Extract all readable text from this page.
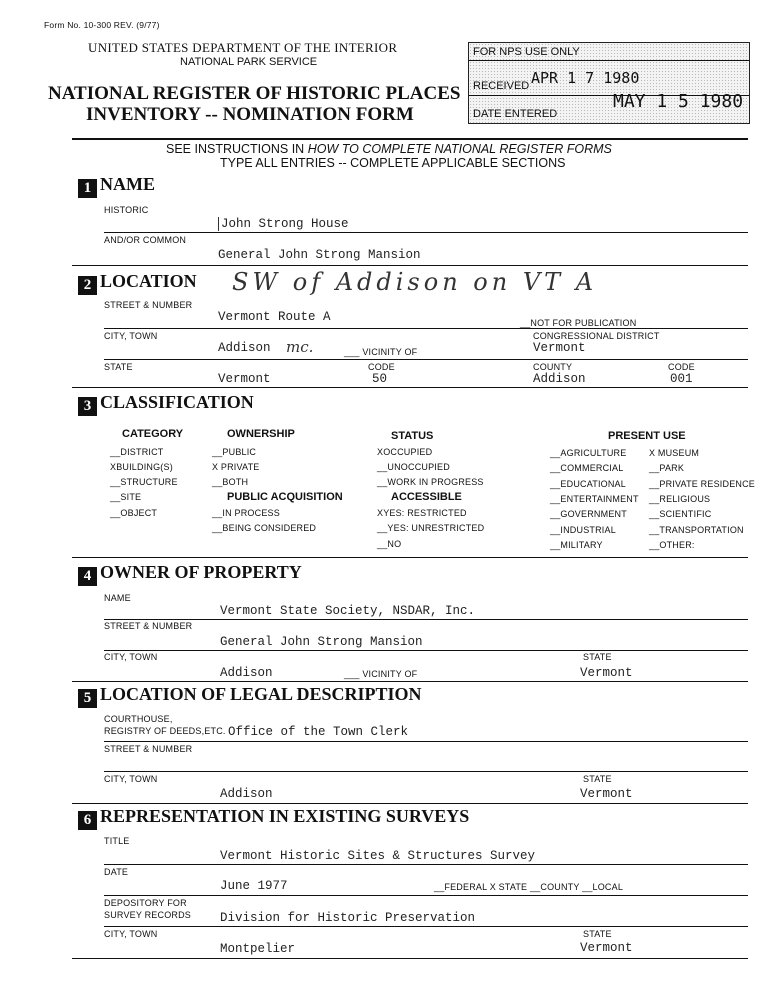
Form No. 10-300 REV. (9/77)
UNITED STATES DEPARTMENT OF THE INTERIOR
NATIONAL PARK SERVICE
NATIONAL REGISTER OF HISTORIC PLACES
INVENTORY -- NOMINATION FORM
FOR NPS USE ONLY
RECEIVED APR 1 7 1980
MAY 1 5 1980
DATE ENTERED
SEE INSTRUCTIONS IN HOW TO COMPLETE NATIONAL REGISTER FORMS
TYPE ALL ENTRIES -- COMPLETE APPLICABLE SECTIONS
1 NAME
HISTORIC
John Strong House
AND/OR COMMON
General John Strong Mansion
2 LOCATION SW of Addison on VT A
STREET & NUMBER
Vermont Route A	__NOT FOR PUBLICATION
CITY, TOWN	CONGRESSIONAL DISTRICT
Addison mc.	___ VICINITY OF	Vermont
STATE	CODE	COUNTY	CODE
Vermont	50	Addison	001
3 CLASSIFICATION
CATEGORY
__DISTRICT
XBUILDING(S)
__STRUCTURE
__SITE
__OBJECT
OWNERSHIP
__PUBLIC
X PRIVATE
__BOTH
PUBLIC ACQUISITION
__IN PROCESS
__BEING CONSIDERED
STATUS
XOCCUPIED
__UNOCCUPIED
__WORK IN PROGRESS
ACCESSIBLE
XYES: RESTRICTED
__YES: UNRESTRICTED
__NO
PRESENT USE
__AGRICULTURE
__COMMERCIAL
__EDUCATIONAL
__ENTERTAINMENT
__GOVERNMENT
__INDUSTRIAL
__MILITARY
X MUSEUM
__PARK
__PRIVATE RESIDENCE
__RELIGIOUS
__SCIENTIFIC
__TRANSPORTATION
__OTHER:
4 OWNER OF PROPERTY
NAME
Vermont State Society, NSDAR, Inc.
STREET & NUMBER
General John Strong Mansion
CITY, TOWN	STATE
Addison	___ VICINITY OF	Vermont
5 LOCATION OF LEGAL DESCRIPTION
COURTHOUSE,
REGISTRY OF DEEDS,ETC. Office of the Town Clerk
STREET & NUMBER
CITY, TOWN	STATE
Addison	Vermont
6 REPRESENTATION IN EXISTING SURVEYS
TITLE
Vermont Historic Sites & Structures Survey
DATE
June 1977	__FEDERAL X STATE __COUNTY __LOCAL
DEPOSITORY FOR
SURVEY RECORDS Division for Historic Preservation
CITY, TOWN	STATE
Montpelier	Vermont
